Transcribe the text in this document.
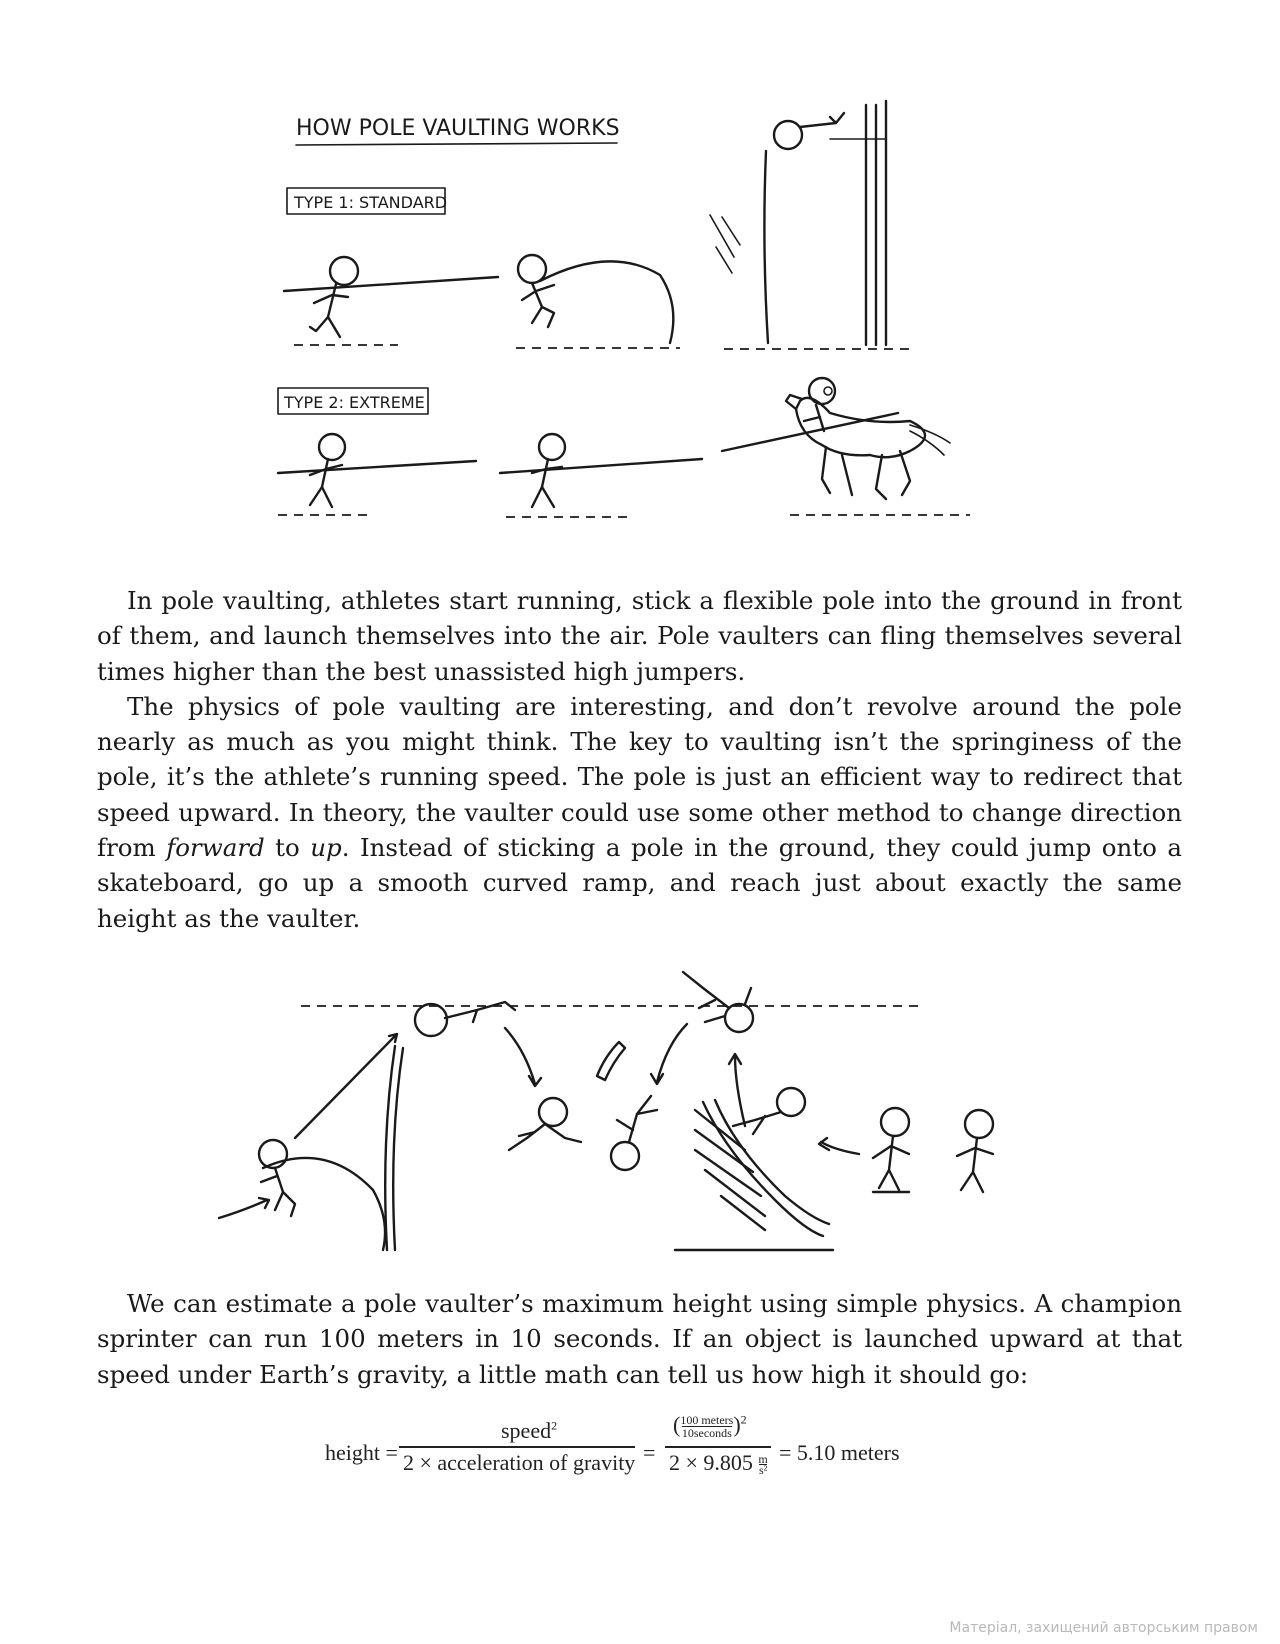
HOW POLE VAULTING WORKS
TYPE 1: STANDARD
TYPE 2: EXTREME

In pole vaulting, athletes start running, stick a flexible pole into the ground in front of them, and launch themselves into the air. Pole vaulters can fling themselves several times higher than the best unassisted high jumpers.

The physics of pole vaulting are interesting, and don’t revolve around the pole nearly as much as you might think. The key to vaulting isn’t the springiness of the pole, it’s the athlete’s running speed. The pole is just an efficient way to redirect that speed upward. In theory, the vaulter could use some other method to change direction from forward to up. Instead of sticking a pole in the ground, they could jump onto a skateboard, go up a smooth curved ramp, and reach just about exactly the same height as the vaulter.

We can estimate a pole vaulter’s maximum height using simple physics. A champion sprinter can run 100 meters in 10 seconds. If an object is launched upward at that speed under Earth’s gravity, a little math can tell us how high it should go:

height =
speed$^2$
2 × acceleration of gravity =
(100 meters
10seconds)$^2$
$2 \times 9.805 \frac{m}{\text{s²}} = 5.10$ meters
Матеріал, захищений авторським правом
